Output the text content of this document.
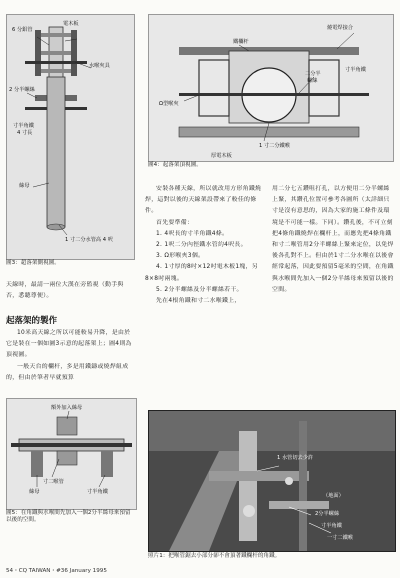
6 分鋁管
電木板
水喉夾具
2 分半螺絲
寸半角鐵
4 寸長
絲母
1 寸二分水管高 4 呎
圖3：超落架側視圖。
燒電焊接合
鐵欄杆
寸半角鐵
二分半
螺絲
Ω型喉夾
1 寸二分鐵喉
厚電木板
圖4：起落架頂視圖。

天線時，最請一兩位大漢在旁監視（動手與否，悉聽尊便）。

起落架的製作

10米高天線之所以可能較易升降，是由於它是裝在一個如圖3示意的起落架上；圖4則為頂視圖。

一般天台的欄杆，多是用鐵鑄或燒焊組成的，但由於筆者早就預算

安裝各種天線，所以就改用方形角鐵燒焊，這對以後的天線架設帶來了較佳的條件。

首先要準備：

1. 4呎長的寸半角鐵4條。

2. 1呎二分內徑鐵水管約4呎長。

3. Ω形喉夾3個。

4. 1寸厚的8吋×12吋電木板1塊，另8×8吋兩塊。

5. 2分半螺絲及分半螺絲若干。

先在4根角鐵和寸二水喉鐵上，

用二分七五鑽咀打孔，以方便用二分半螺絲上緊，其鑽孔位置可參考各圖所（太詳細只寸是沒有意思的，因為大家的施工條件及環境是不可能一樣。下同）。鑽孔後，不可立刻把4條角鐵燒焊在欄杆上，而應先把4條角鐵和寸二喉管用2分半螺絲上緊來定位，以免焊後各孔對不上。但由於1寸二分水喉在以後會經常起落，因此要預留5毫米的空間，在角鐵與水喉間先加入一個2分半絲母來預留以後的空間。

額外加入絲母
寸二喉管
絲母	寸半角鐵
圖5：在角鐵與水喉間先加入一個2分半絲母來預留以後的空間。
1 水管切去少許
（地面）
2分半螺絲
寸半角鐵
一寸二鐵喉
照片1：把喉管鋸去小部分卻不會頂著鐵欄杆的角鐵。
54・CQ TAIWAN・#36 January 1995
